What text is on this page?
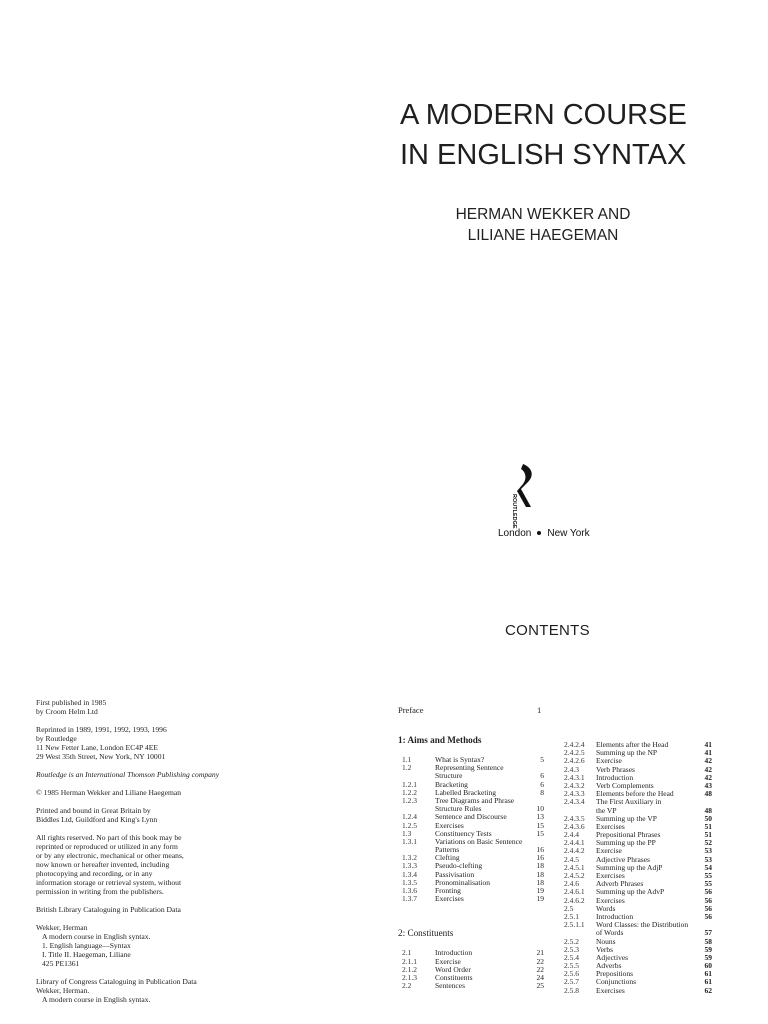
A MODERN COURSE
IN ENGLISH SYNTAX
HERMAN WEKKER AND
LILIANE HAEGEMAN
ROUTLEDGE
London New York
CONTENTS
First published in 1985
by Croom Helm Ltd
Reprinted in 1989, 1991, 1992, 1993, 1996
by Routledge
11 New Fetter Lane, London EC4P 4EE
29 West 35th Street, New York, NY 10001
Routledge is an International Thomson Publishing company
© 1985 Herman Wekker and Liliane Haegeman
Printed and bound in Great Britain by
Biddles Ltd, Guildford and King's Lynn
All rights reserved. No part of this book may be
reprinted or reproduced or utilized in any form
or by any electronic, mechanical or other means,
now known or hereafter invented, including
photocopying and recording, or in any
information storage or retrieval system, without
permission in writing from the publishers.
British Library Cataloguing in Publication Data
Wekker, Herman
A modern course in English syntax.
1. English language—Syntax
I. Title II. Haegeman, Liliane
425 PE1361
Library of Congress Cataloguing in Publication Data
Wekker, Herman.
A modern course in English syntax.
Preface	1
1: Aims and Methods
1.1	What is Syntax?	5
1.2	Representing Sentence
Structure	6
1.2.1 Bracketing	6
1.2.2 Labelled Bracketing	8
1.2.3 Tree Diagrams and Phrase
Structure Rules	10
1.2.4 Sentence and Discourse	13
1.2.5 Exercises	15
1.3	Constituency Tests	15
1.3.1 Variations on Basic Sentence
Patterns	16
1.3.2 Clefting	16
1.3.3 Pseudo-clefting	18
1.3.4 Passivisation	18
1.3.5 Pronominalisation	18
1.3.6 Fronting	19
1.3.7 Exercises	19
2: Constituents
2.1	Introduction	21
2.1.1 Exercise	22
2.1.2 Word Order	22
2.1.3 Constituents	24
2.2	Sentences	25
2.4.2.4 Elements after the Head	41
2.4.2.5 Summing up the NP	41
2.4.2.6 Exercise	42
2.4.3 Verb Phrases	42
2.4.3.1 Introduction	42
2.4.3.2 Verb Complements	43
2.4.3.3 Elements before the Head	48
2.4.3.4 The First Auxiliary in
the VP	48
2.4.3.5 Summing up the VP	50
2.4.3.6 Exercises	51
2.4.4 Prepositional Phrases	51
2.4.4.1 Summing up the PP	52
2.4.4.2 Exercise	53
2.4.5 Adjective Phrases	53
2.4.5.1 Summing up the AdjP	54
2.4.5.2 Exercises	55
2.4.6 Adverb Phrases	55
2.4.6.1 Summing up the AdvP	56
2.4.6.2 Exercises	56
2.5	Words	56
2.5.1 Introduction	56
2.5.1.1 Word Classes: the Distribution
of Words	57
2.5.2 Nouns	58
2.5.3 Verbs	59
2.5.4 Adjectives	59
2.5.5 Adverbs	60
2.5.6 Prepositions	61
2.5.7 Conjunctions	61
2.5.8 Exercises	62
